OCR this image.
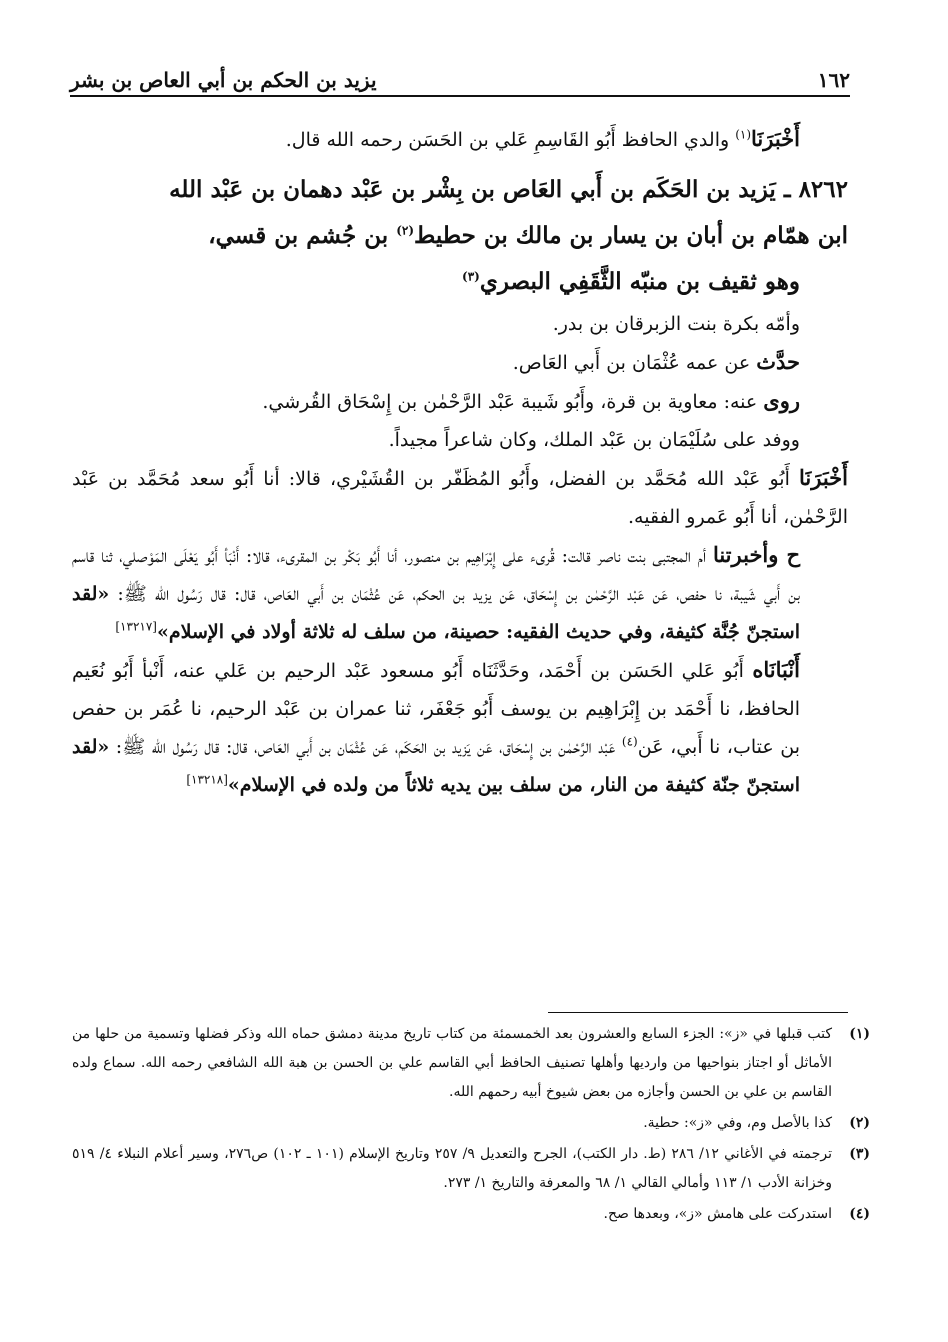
١٦٢
يزيد بن الحكم بن أبي العاص بن بشر

أَخْبَرَنَا$^{(١)}$ والدي الحافظ أَبُو القَاسِمِ عَلي بن الحَسَن رحمه الله قال.

٨٢٦٢ ـ يَزيد بن الحَكَم بن أَبي العَاص بن بِشْر بن عَبْد دهمان بن عَبْد الله

ابن همّام بن أبان بن يسار بن مالك بن حطيط$^{(٢)}$ بن جُشم بن قسي،

وهو ثقيف بن منبّه الثَّقَفِي البصري$^{(٣)}$

وأمّه بكرة بنت الزبرقان بن بدر.

حدَّث عن عمه عُثْمَان بن أَبي العَاص.

روى عنه: معاوية بن قرة، وأَبُو شَيبة عَبْد الرَّحْمٰن بن إِسْحَاق القُرشي.

ووفد على سُلَيْمَان بن عَبْد الملك، وكان شاعراً مجيداً.

أَخْبَرَنَا أَبُو عَبْد الله مُحَمَّد بن الفضل، وأَبُو المُظَفّر بن القُشَيْري، قالا: أنا أَبُو سعد مُحَمَّد بن عَبْد الرَّحْمٰن، أنا أَبُو عَمرو الفقيه.

ح وأخبرتنا أم المجتبى بنت ناصر قالت: قُرىء على إِبْرَاهِيم بن منصور، أنا أَبُو بَكْر بن المقرىء، قالا: أَنْبَأ أَبُو يَعْلَى المَوْصلي، ثنا قاسم بن أَبي شَيبة، نا حفص، عَن عَبْد الرَّحْمٰن بن إِسْحَاق، عَن يزيد بن الحكم، عَن عُثْمَان بن أَبي العَاص، قال: قال رَسُول الله ﷺ: «لقد استجنّ جُنَّة كثيفة، وفي حديث الفقيه: حصينة، من سلف له ثلاثة أولاد في الإسلام»[١٣٢١٧]

أَنْبَانَاه أَبُو عَلي الحَسَن بن أَحْمَد، وحَدَّثَنَاه أَبُو مسعود عَبْد الرحيم بن عَلي عنه، أَنْبأ أَبُو نُعَيم الحافظ، نا أَحْمَد بن إِبْرَاهِيم بن يوسف أَبُو جَعْفَر، ثنا عمران بن عَبْد الرحيم، نا عُمَر بن حفص بن عتاب، نا أَبي، عَن$^{(٤)}$ عَبْد الرَّحْمٰن بن إِسْحَاق، عَن يَزيد بن الحَكَم، عَن عُثْمَان بن أَبي العَاص، قال: قال رَسُول الله ﷺ: «لقد استجنّ جنّة كثيفة من النار، من سلف بين يديه ثلاثاً من ولده في الإسلام»[١٣٢١٨]

(١)
كتب قبلها في «ز»: الجزء السابع والعشرون بعد الخمسمئة من كتاب تاريخ مدينة دمشق حماه الله وذكر فضلها وتسمية من حلها من الأماثل أو اجتاز بنواحيها من وارديها وأهلها تصنيف الحافظ أبي القاسم علي بن الحسن بن هبة الله الشافعي رحمه الله. سماع ولده القاسم بن علي بن الحسن وأجازه من بعض شيوخ أبيه رحمهم الله.
(٢)
كذا بالأصل وم، وفي «ز»: حطية.
(٣)
ترجمته في الأغاني ١٢/ ٢٨٦ (ط. دار الكتب)، الجرح والتعديل ٩/ ٢٥٧ وتاريخ الإسلام (١٠١ ـ ١٠٢) ص٢٧٦، وسير أعلام النبلاء ٤/ ٥١٩ وخزانة الأدب ١/ ١١٣ وأمالي القالي ١/ ٦٨ والمعرفة والتاريخ ١/ ٢٧٣.
(٤)
استدركت على هامش «ز»، وبعدها صح.
